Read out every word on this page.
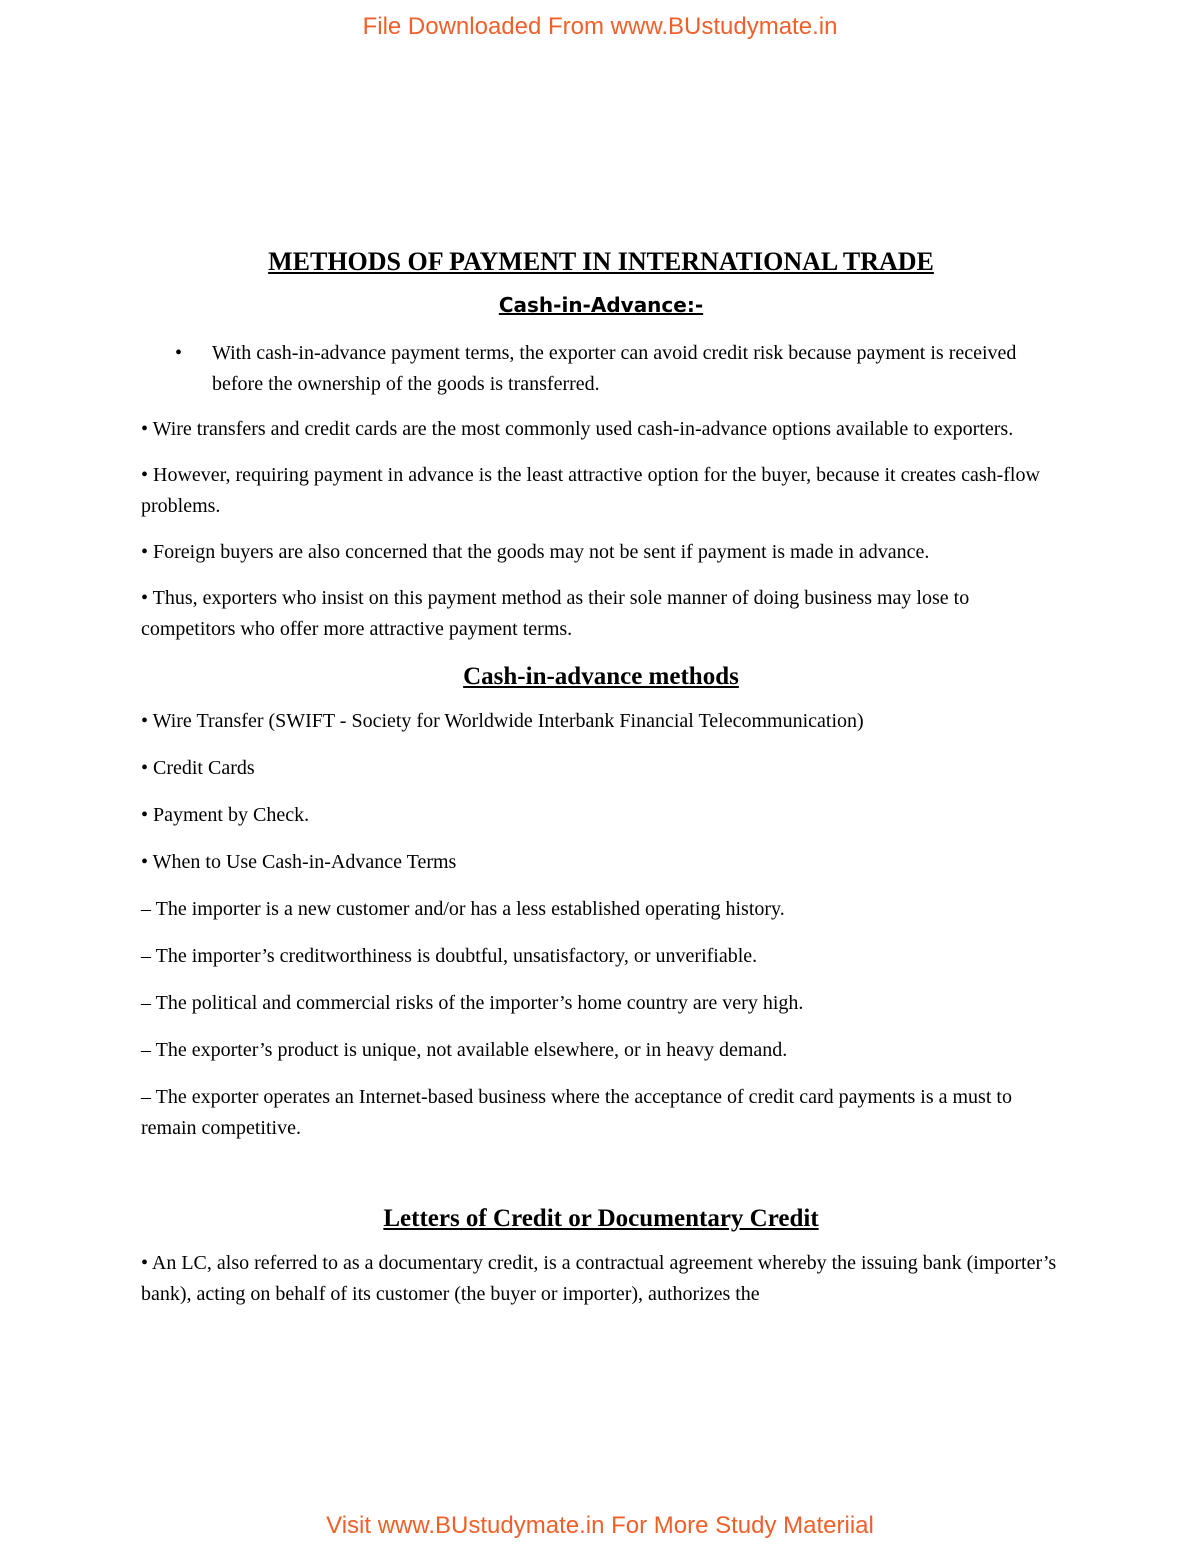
File Downloaded From www.BUstudymate.in
METHODS OF PAYMENT IN INTERNATIONAL TRADE
Cash-in-Advance:-
• With cash-in-advance payment terms, the exporter can avoid credit risk because payment is received before the ownership of the goods is transferred.

• Wire transfers and credit cards are the most commonly used cash-in-advance options available to exporters.

• However, requiring payment in advance is the least attractive option for the buyer, because it creates cash-flow problems.

• Foreign buyers are also concerned that the goods may not be sent if payment is made in advance.

• Thus, exporters who insist on this payment method as their sole manner of doing business may lose to competitors who offer more attractive payment terms.

Cash-in-advance methods

• Wire Transfer (SWIFT - Society for Worldwide Interbank Financial Telecommunication)

• Credit Cards

• Payment by Check.

• When to Use Cash-in-Advance Terms

– The importer is a new customer and/or has a less established operating history.

– The importer’s creditworthiness is doubtful, unsatisfactory, or unverifiable.

– The political and commercial risks of the importer’s home country are very high.

– The exporter’s product is unique, not available elsewhere, or in heavy demand.

– The exporter operates an Internet-based business where the acceptance of credit card payments is a must to remain competitive.

Letters of Credit or Documentary Credit

• An LC, also referred to as a documentary credit, is a contractual agreement whereby the issuing bank (importer’s bank), acting on behalf of its customer (the buyer or importer), authorizes the

Visit www.BUstudymate.in For More Study Materiial
